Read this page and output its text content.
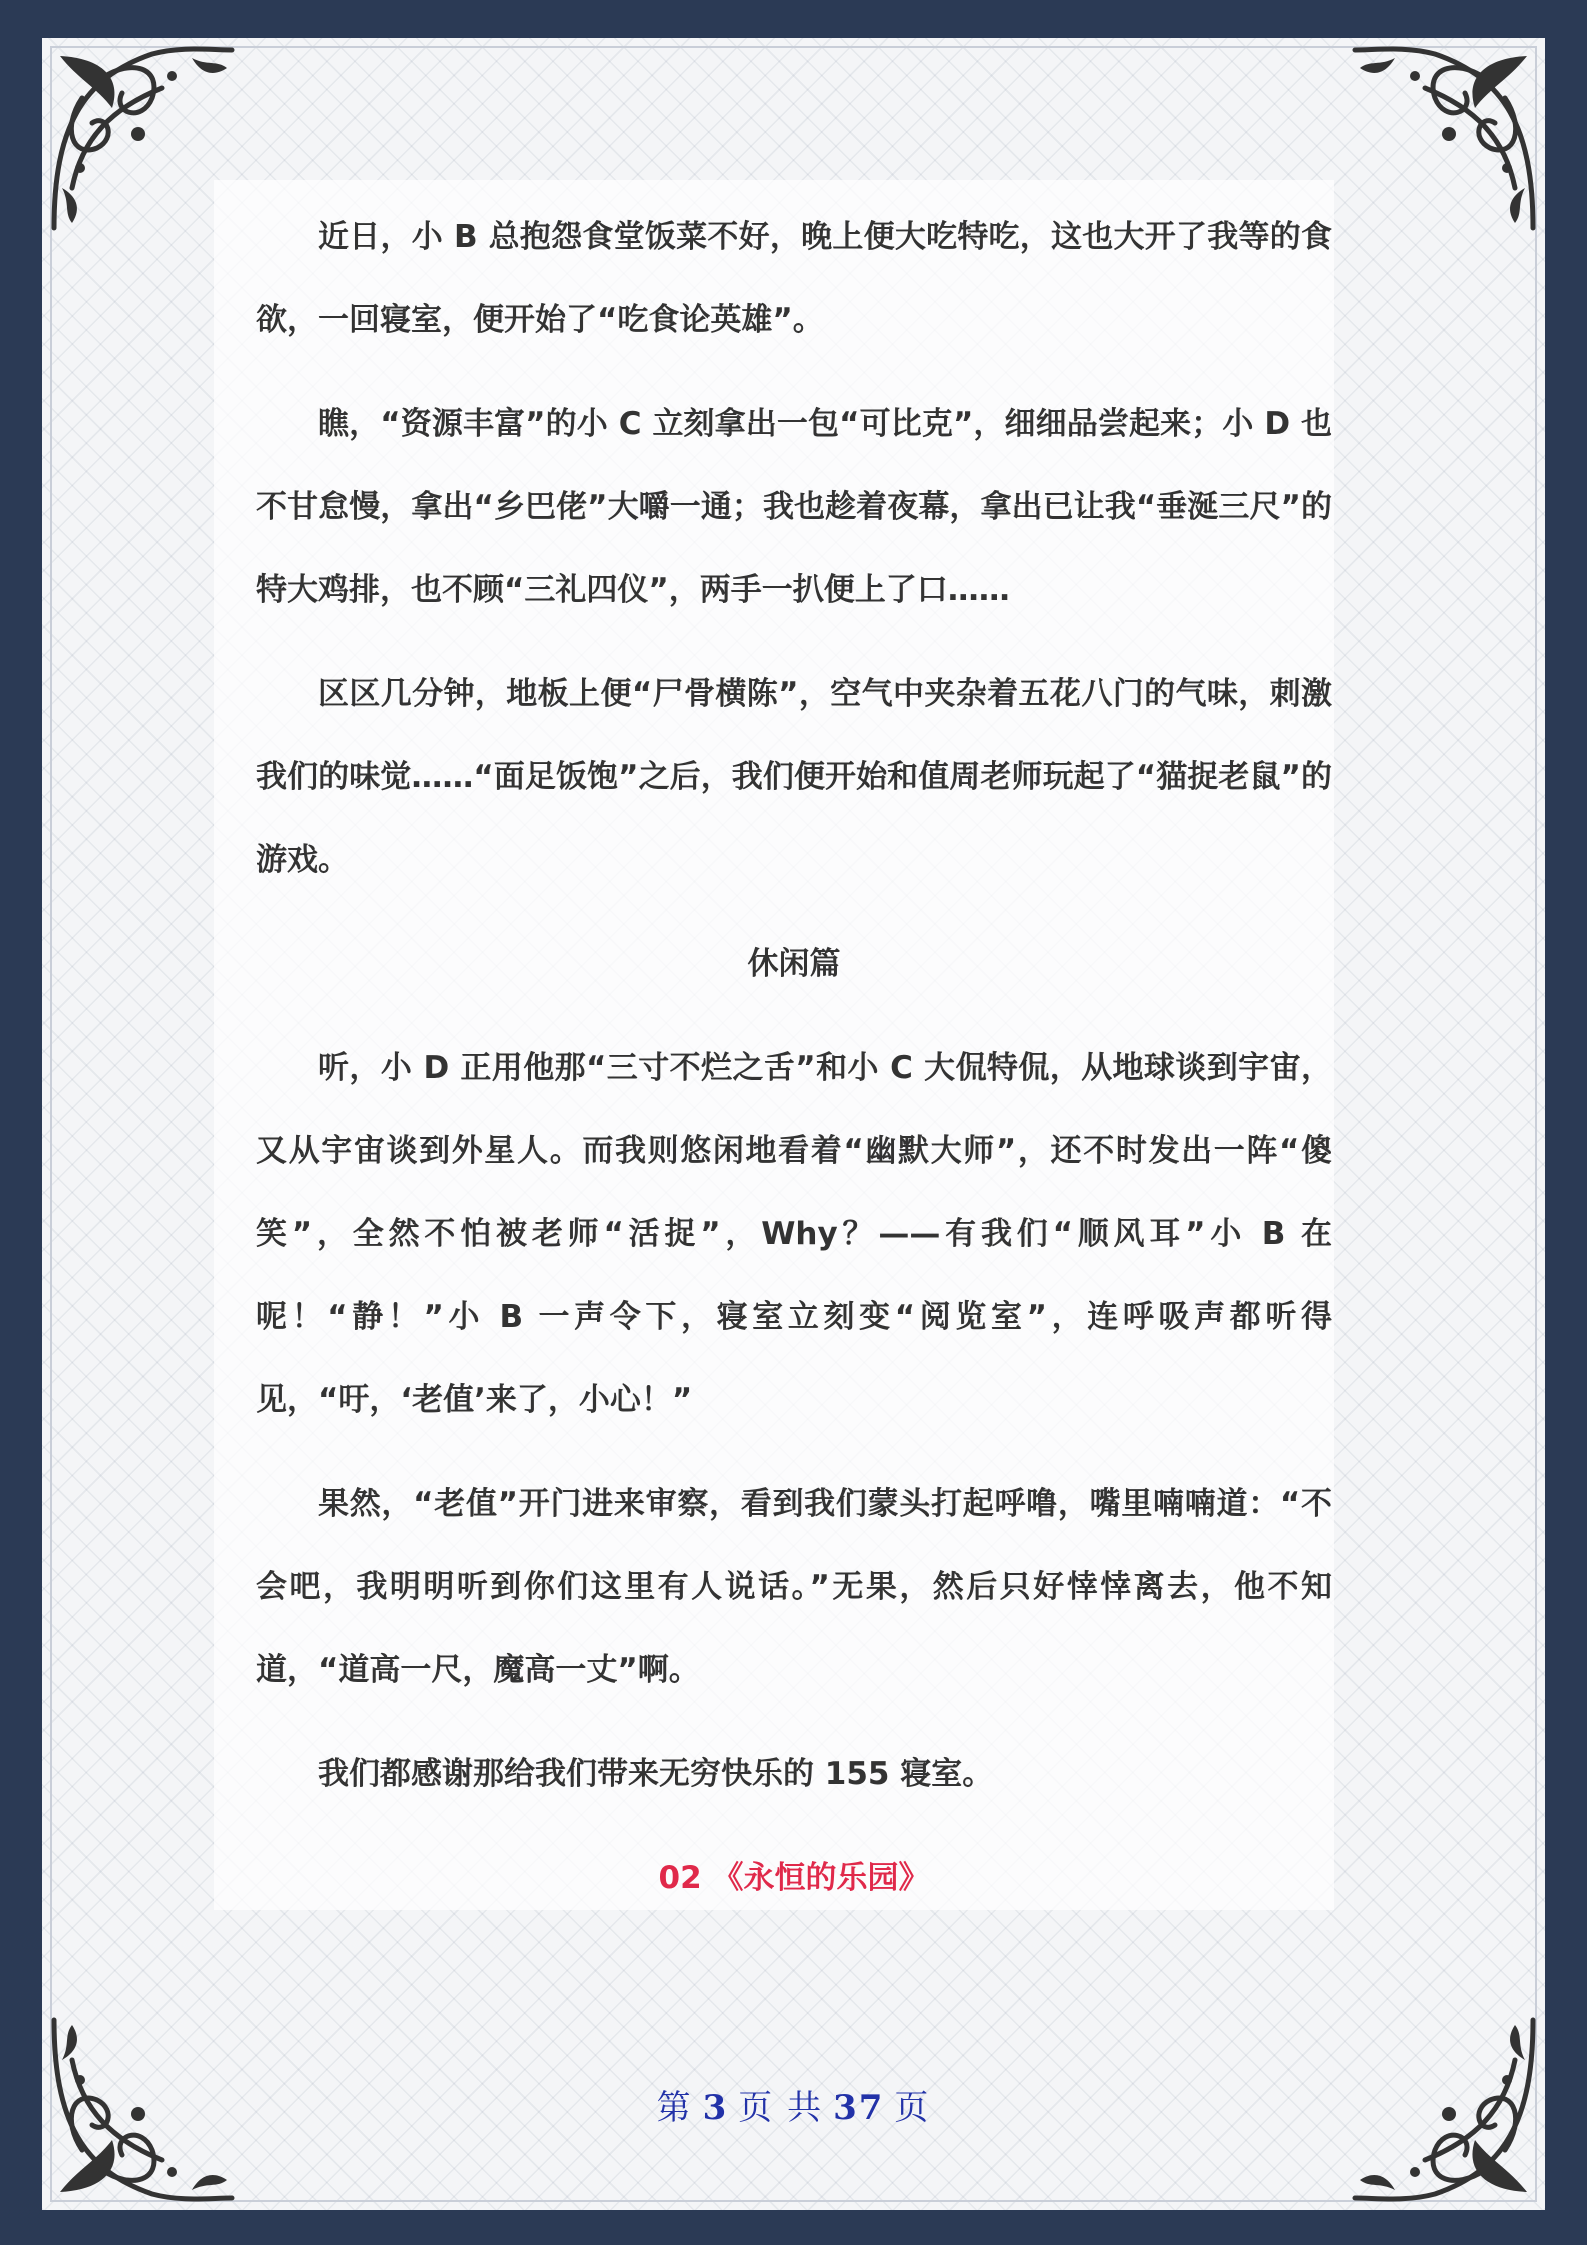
近日，小 B 总抱怨食堂饭菜不好，晚上便大吃特吃，这也大开了我等的食欲，一回寝室，便开始了“吃食论英雄”。

瞧，“资源丰富”的小 C 立刻拿出一包“可比克”，细细品尝起来；小 D 也不甘怠慢，拿出“乡巴佬”大嚼一通；我也趁着夜幕，拿出已让我“垂涎三尺”的特大鸡排，也不顾“三礼四仪”，两手一扒便上了口……

区区几分钟，地板上便“尸骨横陈”，空气中夹杂着五花八门的气味，刺激我们的味觉……“面足饭饱”之后，我们便开始和值周老师玩起了“猫捉老鼠”的游戏。

休闲篇

听，小 D 正用他那“三寸不烂之舌”和小 C 大侃特侃，从地球谈到宇宙，又从宇宙谈到外星人。而我则悠闲地看着“幽默大师”，还不时发出一阵“傻笑”，全然不怕被老师“活捉”，Why？——有我们“顺风耳”小 B 在呢！“静！”小 B 一声令下，寝室立刻变“阅览室”，连呼吸声都听得见，“吁，‘老值’来了，小心！”

果然，“老值”开门进来审察，看到我们蒙头打起呼噜，嘴里喃喃道：“不会吧，我明明听到你们这里有人说话。”无果，然后只好悻悻离去，他不知道，“道高一尺，魔高一丈”啊。

我们都感谢那给我们带来无穷快乐的 155 寝室。

02 《永恒的乐园》

第 3 页 共 37 页
